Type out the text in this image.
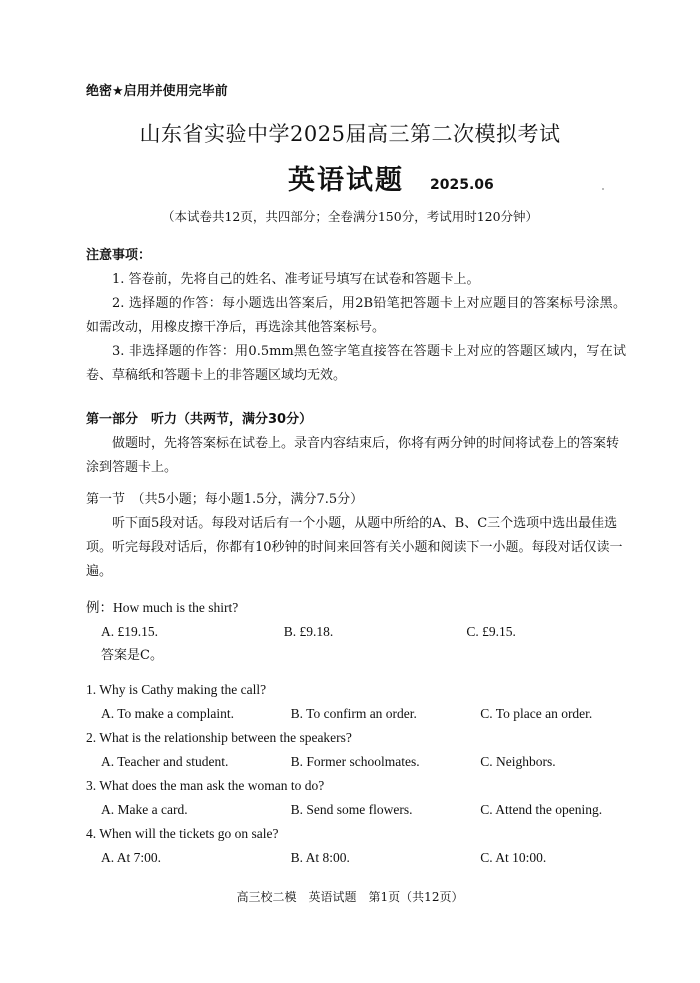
绝密★启用并使用完毕前
山东省实验中学2025届高三第二次模拟考试
英语试题 2025.06
（本试卷共12页，共四部分；全卷满分150分，考试用时120分钟）
注意事项：
1. 答卷前，先将自己的姓名、准考证号填写在试卷和答题卡上。
2. 选择题的作答：每小题选出答案后，用2B铅笔把答题卡上对应题目的答案标号涂黑。如需改动，用橡皮擦干净后，再选涂其他答案标号。
3. 非选择题的作答：用0.5mm黑色签字笔直接答在答题卡上对应的答题区域内，写在试卷、草稿纸和答题卡上的非答题区域均无效。
第一部分　听力（共两节，满分30分）
做题时，先将答案标在试卷上。录音内容结束后，你将有两分钟的时间将试卷上的答案转涂到答题卡上。
第一节　（共5小题；每小题1.5分，满分7.5分）
听下面5段对话。每段对话后有一个小题，从题中所给的A、B、C三个选项中选出最佳选项。听完每段对话后，你都有10秒钟的时间来回答有关小题和阅读下一小题。每段对话仅读一遍。
例：How much is the shirt?
A. £19.15.	B. £9.18.	C. £9.15.
答案是C。
1. Why is Cathy making the call?
A. To make a complaint.	B. To confirm an order.	C. To place an order.
2. What is the relationship between the speakers?
A. Teacher and student.	B. Former schoolmates.	C. Neighbors.
3. What does the man ask the woman to do?
A. Make a card.	B. Send some flowers.	C. Attend the opening.
4. When will the tickets go on sale?
A. At 7:00.	B. At 8:00.	C. At 10:00.
高三校二模　英语试题　第1页（共12页）
